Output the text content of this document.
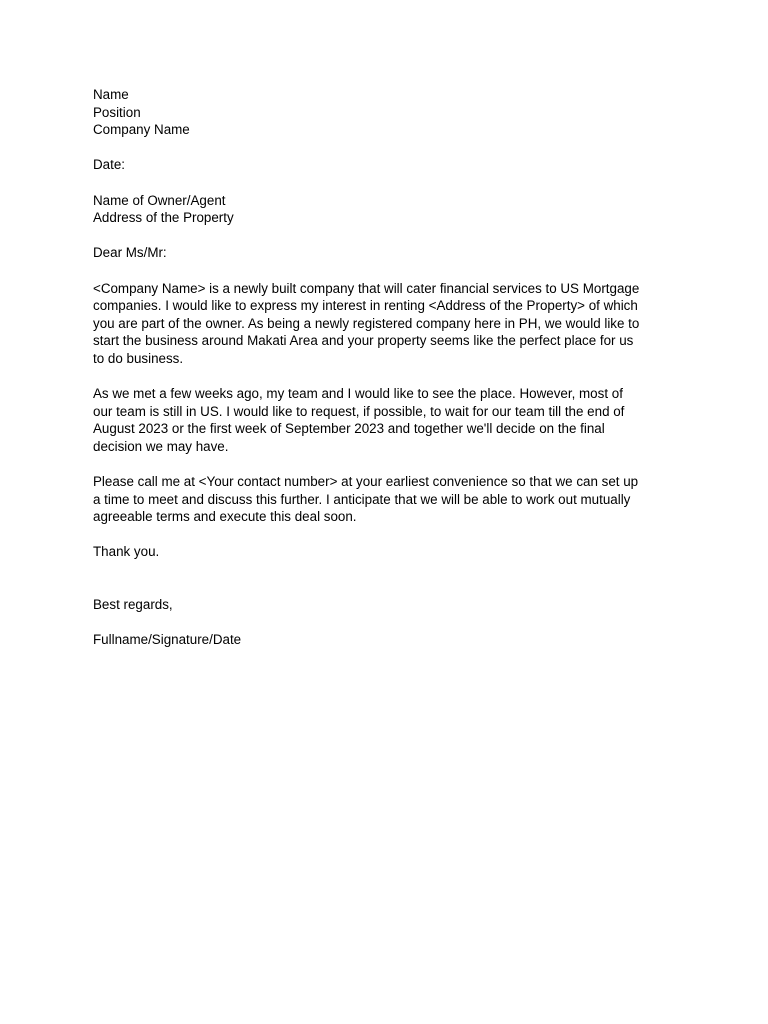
Name
Position
Company Name
Date:
Name of Owner/Agent
Address of the Property
Dear Ms/Mr:
<Company Name> is a newly built company that will cater financial services to US Mortgage
companies. I would like to express my interest in renting <Address of the Property> of which
you are part of the owner. As being a newly registered company here in PH, we would like to
start the business around Makati Area and your property seems like the perfect place for us
to do business.
As we met a few weeks ago, my team and I would like to see the place. However, most of
our team is still in US. I would like to request, if possible, to wait for our team till the end of
August 2023 or the first week of September 2023 and together we'll decide on the final
decision we may have.
Please call me at <Your contact number> at your earliest convenience so that we can set up
a time to meet and discuss this further. I anticipate that we will be able to work out mutually
agreeable terms and execute this deal soon.
Thank you.
Best regards,
Fullname/Signature/Date
